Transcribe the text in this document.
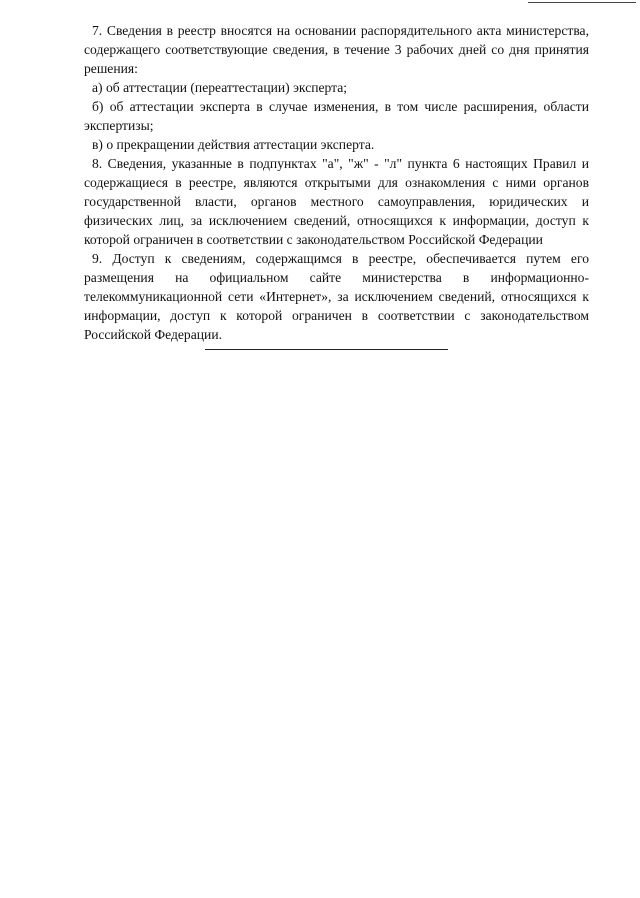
7. Сведения в реестр вносятся на основании распорядительного акта министерства, содержащего соответствующие сведения, в течение 3 рабочих дней со дня принятия решения:

а) об аттестации (переаттестации) эксперта;

б) об аттестации эксперта в случае изменения, в том числе расширения, области экспертизы;

в) о прекращении действия аттестации эксперта.

8. Сведения, указанные в подпунктах "а", "ж" - "л" пункта 6 настоящих Правил и содержащиеся в реестре, являются открытыми для ознакомления с ними органов государственной власти, органов местного самоуправления, юридических и физических лиц, за исключением сведений, относящихся к информации, доступ к которой ограничен в соответствии с законодательством Российской Федерации

9. Доступ к сведениям, содержащимся в реестре, обеспечивается путем его размещения на официальном сайте министерства в информационно-телекоммуникационной сети «Интернет», за исключением сведений, относящихся к информации, доступ к которой ограничен в соответствии с законодательством Российской Федерации.
